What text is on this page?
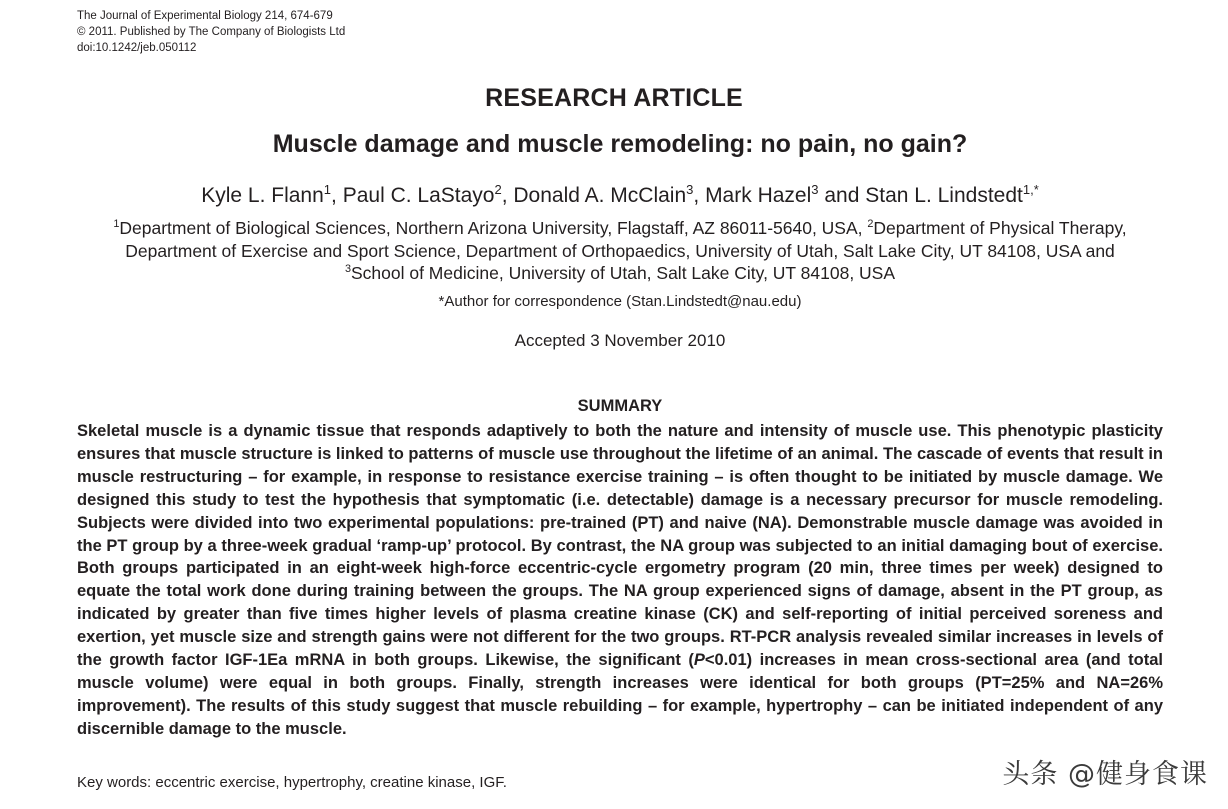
The Journal of Experimental Biology 214, 674-679
© 2011. Published by The Company of Biologists Ltd
doi:10.1242/jeb.050112
RESEARCH ARTICLE
Muscle damage and muscle remodeling: no pain, no gain?
Kyle L. Flann$^1$, Paul C. LaStayo$^2$, Donald A. McClain$^3$, Mark Hazel$^3$ and Stan L. Lindstedt$^{1,*}$
$^1$Department of Biological Sciences, Northern Arizona University, Flagstaff, AZ 86011-5640, USA, $^2$Department of Physical Therapy, Department of Exercise and Sport Science, Department of Orthopaedics, University of Utah, Salt Lake City, UT 84108, USA and
$^3$School of Medicine, University of Utah, Salt Lake City, UT 84108, USA
*Author for correspondence (Stan.Lindstedt@nau.edu)
Accepted 3 November 2010
SUMMARY

Skeletal muscle is a dynamic tissue that responds adaptively to both the nature and intensity of muscle use. This phenotypic plasticity ensures that muscle structure is linked to patterns of muscle use throughout the lifetime of an animal. The cascade of events that result in muscle restructuring – for example, in response to resistance exercise training – is often thought to be initiated by muscle damage. We designed this study to test the hypothesis that symptomatic (i.e. detectable) damage is a necessary precursor for muscle remodeling. Subjects were divided into two experimental populations: pre-trained (PT) and naive (NA). Demonstrable muscle damage was avoided in the PT group by a three-week gradual ‘ramp-up’ protocol. By contrast, the NA group was subjected to an initial damaging bout of exercise. Both groups participated in an eight-week high-force eccentric-cycle ergometry program (20 min, three times per week) designed to equate the total work done during training between the groups. The NA group experienced signs of damage, absent in the PT group, as indicated by greater than five times higher levels of plasma creatine kinase (CK) and self-reporting of initial perceived soreness and exertion, yet muscle size and strength gains were not different for the two groups. RT-PCR analysis revealed similar increases in levels of the growth factor IGF-1Ea mRNA in both groups. Likewise, the significant (P<0.01) increases in mean cross-sectional area (and total muscle volume) were equal in both groups. Finally, strength increases were identical for both groups (PT=25% and NA=26% improvement). The results of this study suggest that muscle rebuilding – for example, hypertrophy – can be initiated independent of any discernible damage to the muscle.

Key words: eccentric exercise, hypertrophy, creatine kinase, IGF.	头条 @健身食课
